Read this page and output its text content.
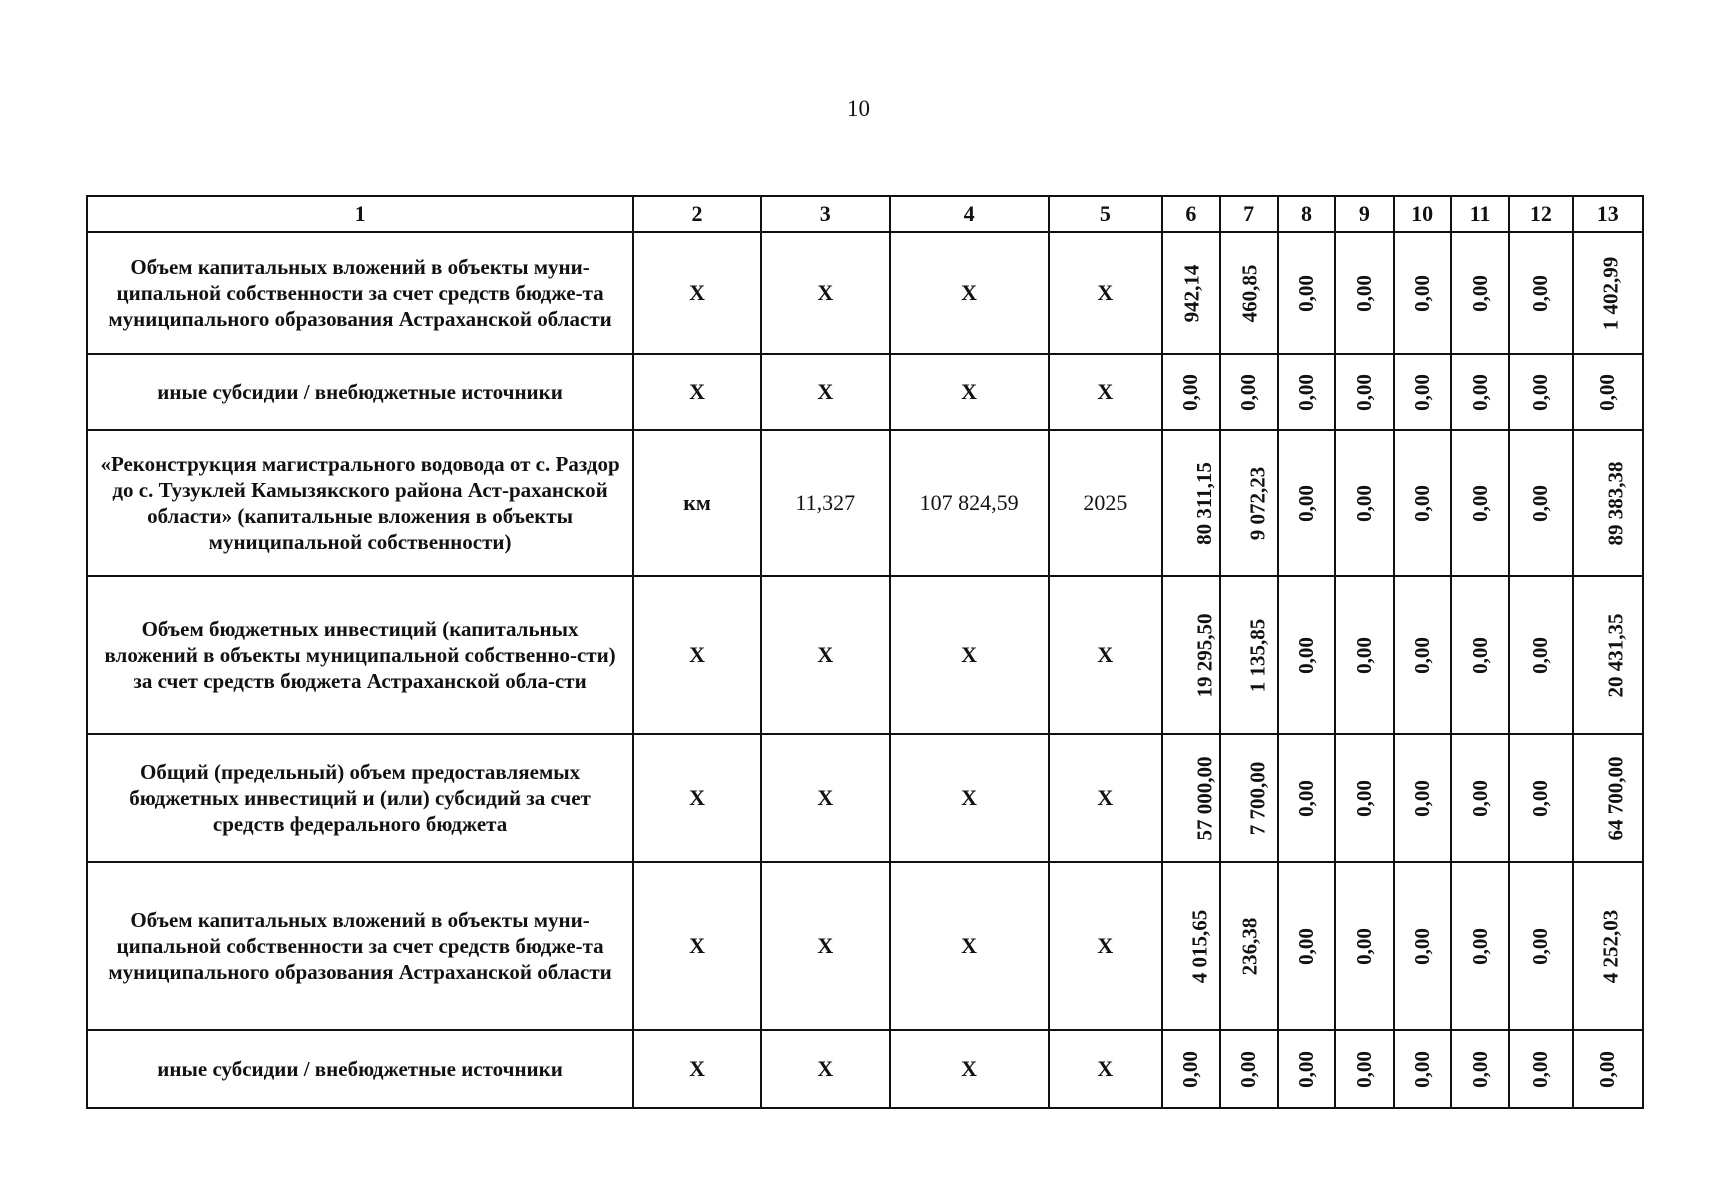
10
1	2	3	4	5	6	7	8	9	10	11	12	13
Объем капитальных вложений в объекты муни-ципальной собственности за счет средств бюдже-та муниципального образования Астраханской области	X	X	X	X	942,14	460,85	0,00	0,00	0,00	0,00	0,00	1 402,99
иные субсидии / внебюджетные источники	X	X	X	X	0,00	0,00	0,00	0,00	0,00	0,00	0,00	0,00
«Реконструкция магистрального водовода от с. Раздор до с. Тузуклей Камызякского района Аст-раханской области» (капитальные вложения в объекты муниципальной собственности)	км	11,327	107 824,59	2025	80 311,15	9 072,23	0,00	0,00	0,00	0,00	0,00	89 383,38
Объем бюджетных инвестиций (капитальных вложений в объекты муниципальной собственно-сти) за счет средств бюджета Астраханской обла-сти	X	X	X	X	19 295,50	1 135,85	0,00	0,00	0,00	0,00	0,00	20 431,35
Общий (предельный) объем предоставляемых бюджетных инвестиций и (или) субсидий за счет средств федерального бюджета	X	X	X	X	57 000,00	7 700,00	0,00	0,00	0,00	0,00	0,00	64 700,00
Объем капитальных вложений в объекты муни-ципальной собственности за счет средств бюдже-та муниципального образования Астраханской области	X	X	X	X	4 015,65	236,38	0,00	0,00	0,00	0,00	0,00	4 252,03
иные субсидии / внебюджетные источники	X	X	X	X	0,00	0,00	0,00	0,00	0,00	0,00	0,00	0,00
